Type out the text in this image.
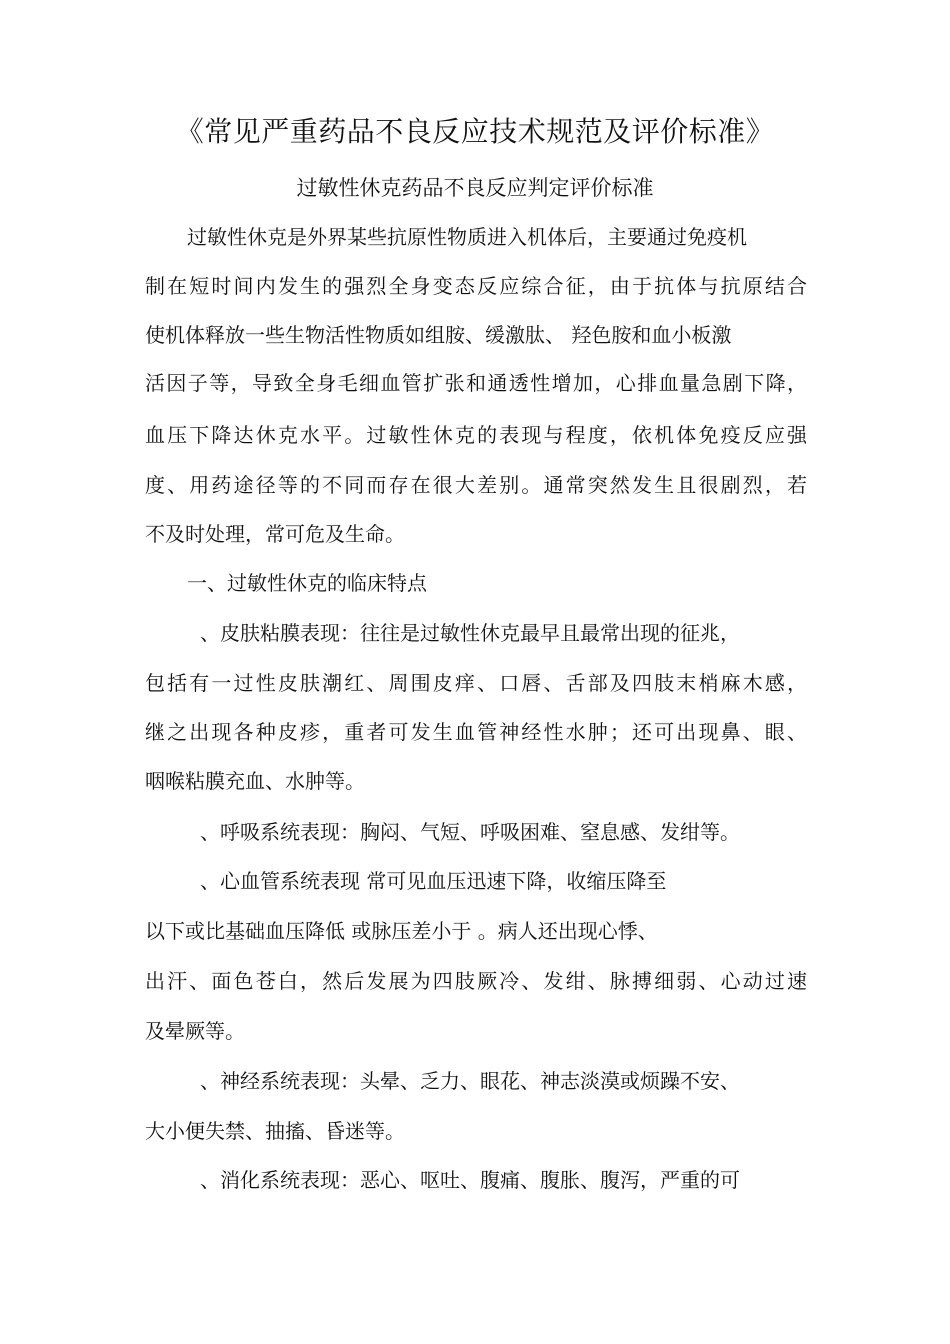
《常见严重药品不良反应技术规范及评价标准》
过敏性休克药品不良反应判定评价标准
过敏性休克是外界某些抗原性物质进入机体后，主要通过免疫机
制在短时间内发生的强烈全身变态反应综合征，由于抗体与抗原结合
使机体释放一些生物活性物质如组胺、缓激肽、 羟色胺和血小板激
活因子等，导致全身毛细血管扩张和通透性增加，心排血量急剧下降，
血压下降达休克水平。过敏性休克的表现与程度，依机体免疫反应强
度、用药途径等的不同而存在很大差别。通常突然发生且很剧烈，若
不及时处理，常可危及生命。
一、过敏性休克的临床特点
、皮肤粘膜表现：往往是过敏性休克最早且最常出现的征兆，
包括有一过性皮肤潮红、周围皮痒、口唇、舌部及四肢末梢麻木感，
继之出现各种皮疹，重者可发生血管神经性水肿；还可出现鼻、眼、
咽喉粘膜充血、水肿等。
、呼吸系统表现：胸闷、气短、呼吸困难、窒息感、发绀等。
、心血管系统表现 常可见血压迅速下降，收缩压降至
以下或比基础血压降低 或脉压差小于 。病人还出现心悸、
出汗、面色苍白，然后发展为四肢厥冷、发绀、脉搏细弱、心动过速
及晕厥等。
、神经系统表现：头晕、乏力、眼花、神志淡漠或烦躁不安、
大小便失禁、抽搐、昏迷等。
、消化系统表现：恶心、呕吐、腹痛、腹胀、腹泻，严重的可
